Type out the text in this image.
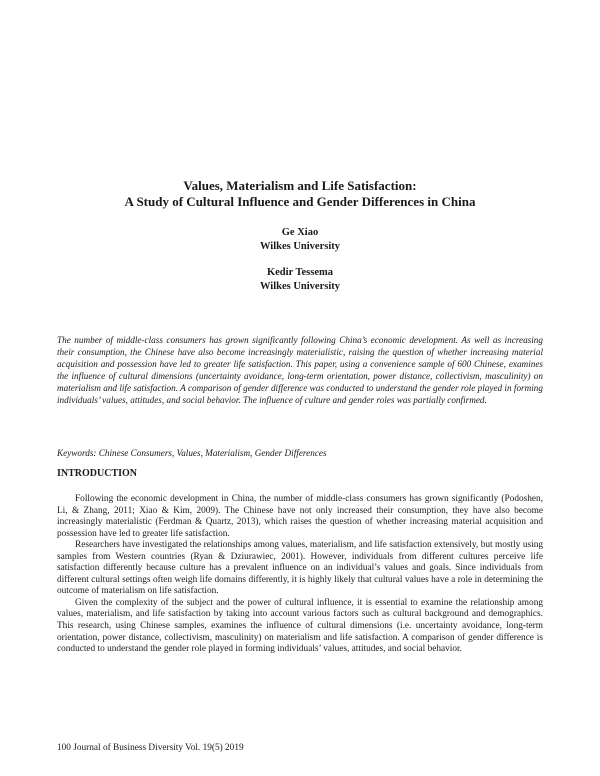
Values, Materialism and Life Satisfaction:
A Study of Cultural Influence and Gender Differences in China
Ge Xiao
Wilkes University
Kedir Tessema
Wilkes University
The number of middle-class consumers has grown significantly following China’s economic development. As well as increasing their consumption, the Chinese have also become increasingly materialistic, raising the question of whether increasing material acquisition and possession have led to greater life satisfaction. This paper, using a convenience sample of 600 Chinese, examines the influence of cultural dimensions (uncertainty avoidance, long-term orientation, power distance, collectivism, masculinity) on materialism and life satisfaction. A comparison of gender difference was conducted to understand the gender role played in forming individuals’ values, attitudes, and social behavior. The influence of culture and gender roles was partially confirmed.
Keywords: Chinese Consumers, Values, Materialism, Gender Differences
INTRODUCTION

Following the economic development in China, the number of middle-class consumers has grown significantly (Podoshen, Li, & Zhang, 2011; Xiao & Kim, 2009). The Chinese have not only increased their consumption, they have also become increasingly materialistic (Ferdman & Quartz, 2013), which raises the question of whether increasing material acquisition and possession have led to greater life satisfaction.

Researchers have investigated the relationships among values, materialism, and life satisfaction extensively, but mostly using samples from Western countries (Ryan & Dziurawiec, 2001). However, individuals from different cultures perceive life satisfaction differently because culture has a prevalent influence on an individual’s values and goals. Since individuals from different cultural settings often weigh life domains differently, it is highly likely that cultural values have a role in determining the outcome of materialism on life satisfaction.

Given the complexity of the subject and the power of cultural influence, it is essential to examine the relationship among values, materialism, and life satisfaction by taking into account various factors such as cultural background and demographics. This research, using Chinese samples, examines the influence of cultural dimensions (i.e. uncertainty avoidance, long-term orientation, power distance, collectivism, masculinity) on materialism and life satisfaction. A comparison of gender difference is conducted to understand the gender role played in forming individuals’ values, attitudes, and social behavior.

100 Journal of Business Diversity Vol. 19(5) 2019
